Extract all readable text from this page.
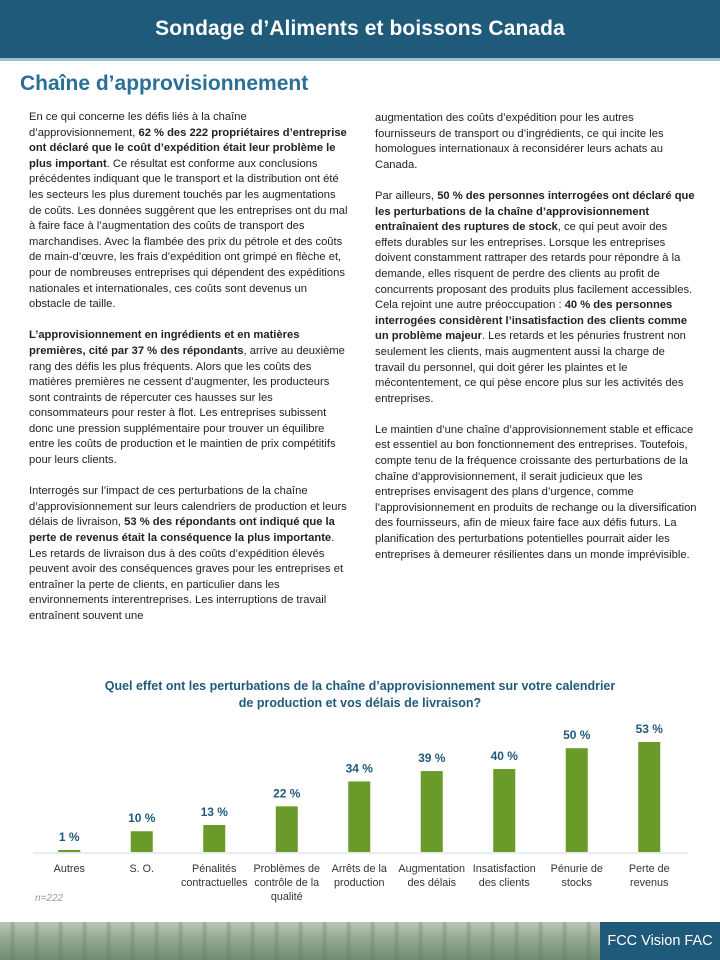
Sondage d’Aliments et boissons Canada
Chaîne d’approvisionnement

En ce qui concerne les défis liés à la chaîne d’approvisionnement, 62 % des 222 propriétaires d’entreprise ont déclaré que le coût d’expédition était leur problème le plus important. Ce résultat est conforme aux conclusions précédentes indiquant que le transport et la distribution ont été les secteurs les plus durement touchés par les augmentations de coûts. Les données suggèrent que les entreprises ont du mal à faire face à l’augmentation des coûts de transport des marchandises. Avec la flambée des prix du pétrole et des coûts de main-d’œuvre, les frais d’expédition ont grimpé en flèche et, pour de nombreuses entreprises qui dépendent des expéditions nationales et internationales, ces coûts sont devenus un obstacle de taille.

L’approvisionnement en ingrédients et en matières premières, cité par 37 % des répondants, arrive au deuxième rang des défis les plus fréquents. Alors que les coûts des matières premières ne cessent d’augmenter, les producteurs sont contraints de répercuter ces hausses sur les consommateurs pour rester à flot. Les entreprises subissent donc une pression supplémentaire pour trouver un équilibre entre les coûts de production et le maintien de prix compétitifs pour leurs clients.

Interrogés sur l’impact de ces perturbations de la chaîne d’approvisionnement sur leurs calendriers de production et leurs délais de livraison, 53 % des répondants ont indiqué que la perte de revenus était la conséquence la plus importante. Les retards de livraison dus à des coûts d’expédition élevés peuvent avoir des conséquences graves pour les entreprises et entraîner la perte de clients, en particulier dans les environnements interentreprises. Les interruptions de travail entraînent souvent une

augmentation des coûts d’expédition pour les autres fournisseurs de transport ou d’ingrédients, ce qui incite les homologues internationaux à reconsidérer leurs achats au Canada.

Par ailleurs, 50 % des personnes interrogées ont déclaré que les perturbations de la chaîne d’approvisionnement entraînaient des ruptures de stock, ce qui peut avoir des effets durables sur les entreprises. Lorsque les entreprises doivent constamment rattraper des retards pour répondre à la demande, elles risquent de perdre des clients au profit de concurrents proposant des produits plus facilement accessibles. Cela rejoint une autre préoccupation : 40 % des personnes interrogées considèrent l’insatisfaction des clients comme un problème majeur. Les retards et les pénuries frustrent non seulement les clients, mais augmentent aussi la charge de travail du personnel, qui doit gérer les plaintes et le mécontentement, ce qui pèse encore plus sur les activités des entreprises.

Le maintien d’une chaîne d’approvisionnement stable et efficace est essentiel au bon fonctionnement des entreprises. Toutefois, compte tenu de la fréquence croissante des perturbations de la chaîne d’approvisionnement, il serait judicieux que les entreprises envisagent des plans d’urgence, comme l’approvisionnement en produits de rechange ou la diversification des fournisseurs, afin de mieux faire face aux défis futurs. La planification des perturbations potentielles pourrait aider les entreprises à demeurer résilientes dans un monde imprévisible.

Quel effet ont les perturbations de la chaîne d’approvisionnement sur votre calendrier
de production et vos délais de livraison?
1 %
Autres
10 %
S. O.
13 %
Pénalités
contractuelles
22 %
Problèmes de
contrôle de la
qualité
34 %
Arrêts de la
production
39 %
Augmentation
des délais
40 %
Insatisfaction
des clients
50 %
Pénurie de
stocks
53 %
Perte de
revenus
n=222
FCC Vision FAC
